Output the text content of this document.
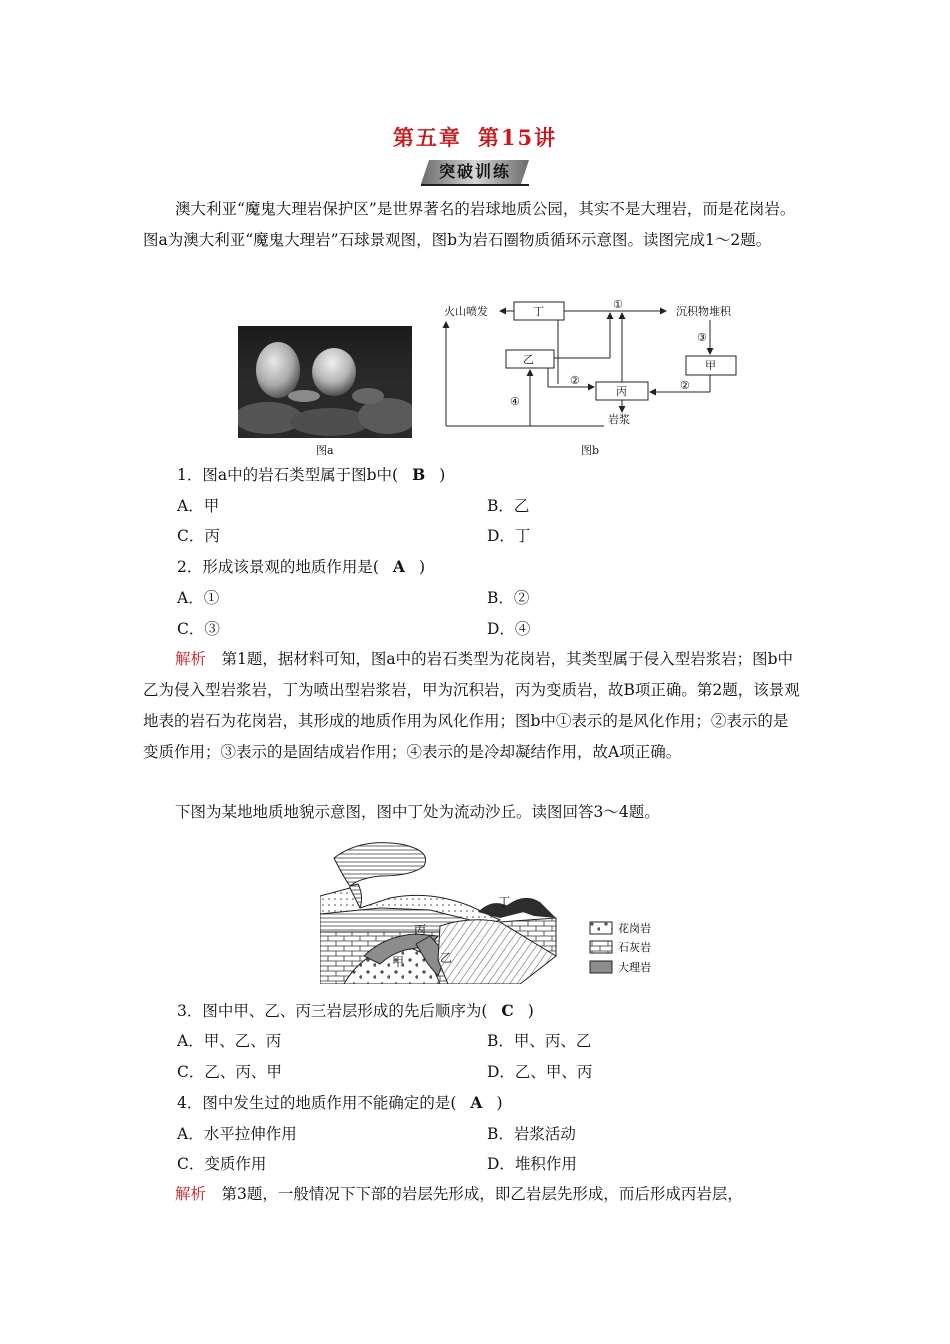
第五章 第15讲
突破训练

澳大利亚“魔鬼大理岩保护区”是世界著名的岩球地质公园，其实不是大理岩，而是花岗岩。图a为澳大利亚“魔鬼大理岩”石球景观图，图b为岩石圈物质循环示意图。读图完成1～2题。

图a
火山喷发	丁
①
沉积物堆积
乙
③
甲
②
丙	②
④
岩浆
图b
1．图a中的岩石类型属于图b中( B )
A．甲	B．乙
C．丙	D．丁
2．形成该景观的地质作用是( A )
A．①	B．②
C．③	D．④

解析　 第1题，据材料可知，图a中的岩石类型为花岗岩，其类型属于侵入型岩浆岩；图b中乙为侵入型岩浆岩，丁为喷出型岩浆岩，甲为沉积岩，丙为变质岩，故B项正确。第2题，该景观地表的岩石为花岗岩，其形成的地质作用为风化作用；图b中①表示的是风化作用；②表示的是变质作用；③表示的是固结成岩作用；④表示的是冷却凝结作用，故A项正确。

下图为某地地质地貌示意图，图中丁处为流动沙丘。读图回答3～4题。

丁
丙
甲	乙
花岗岩
石灰岩
大理岩
3．图中甲、乙、丙三岩层形成的先后顺序为( C )
A．甲、乙、丙	B．甲、丙、乙
C．乙、丙、甲	D．乙、甲、丙
4．图中发生过的地质作用不能确定的是( A )
A．水平拉伸作用	B．岩浆活动
C．变质作用	D．堆积作用

解析　 第3题，一般情况下下部的岩层先形成，即乙岩层先形成，而后形成丙岩层，
